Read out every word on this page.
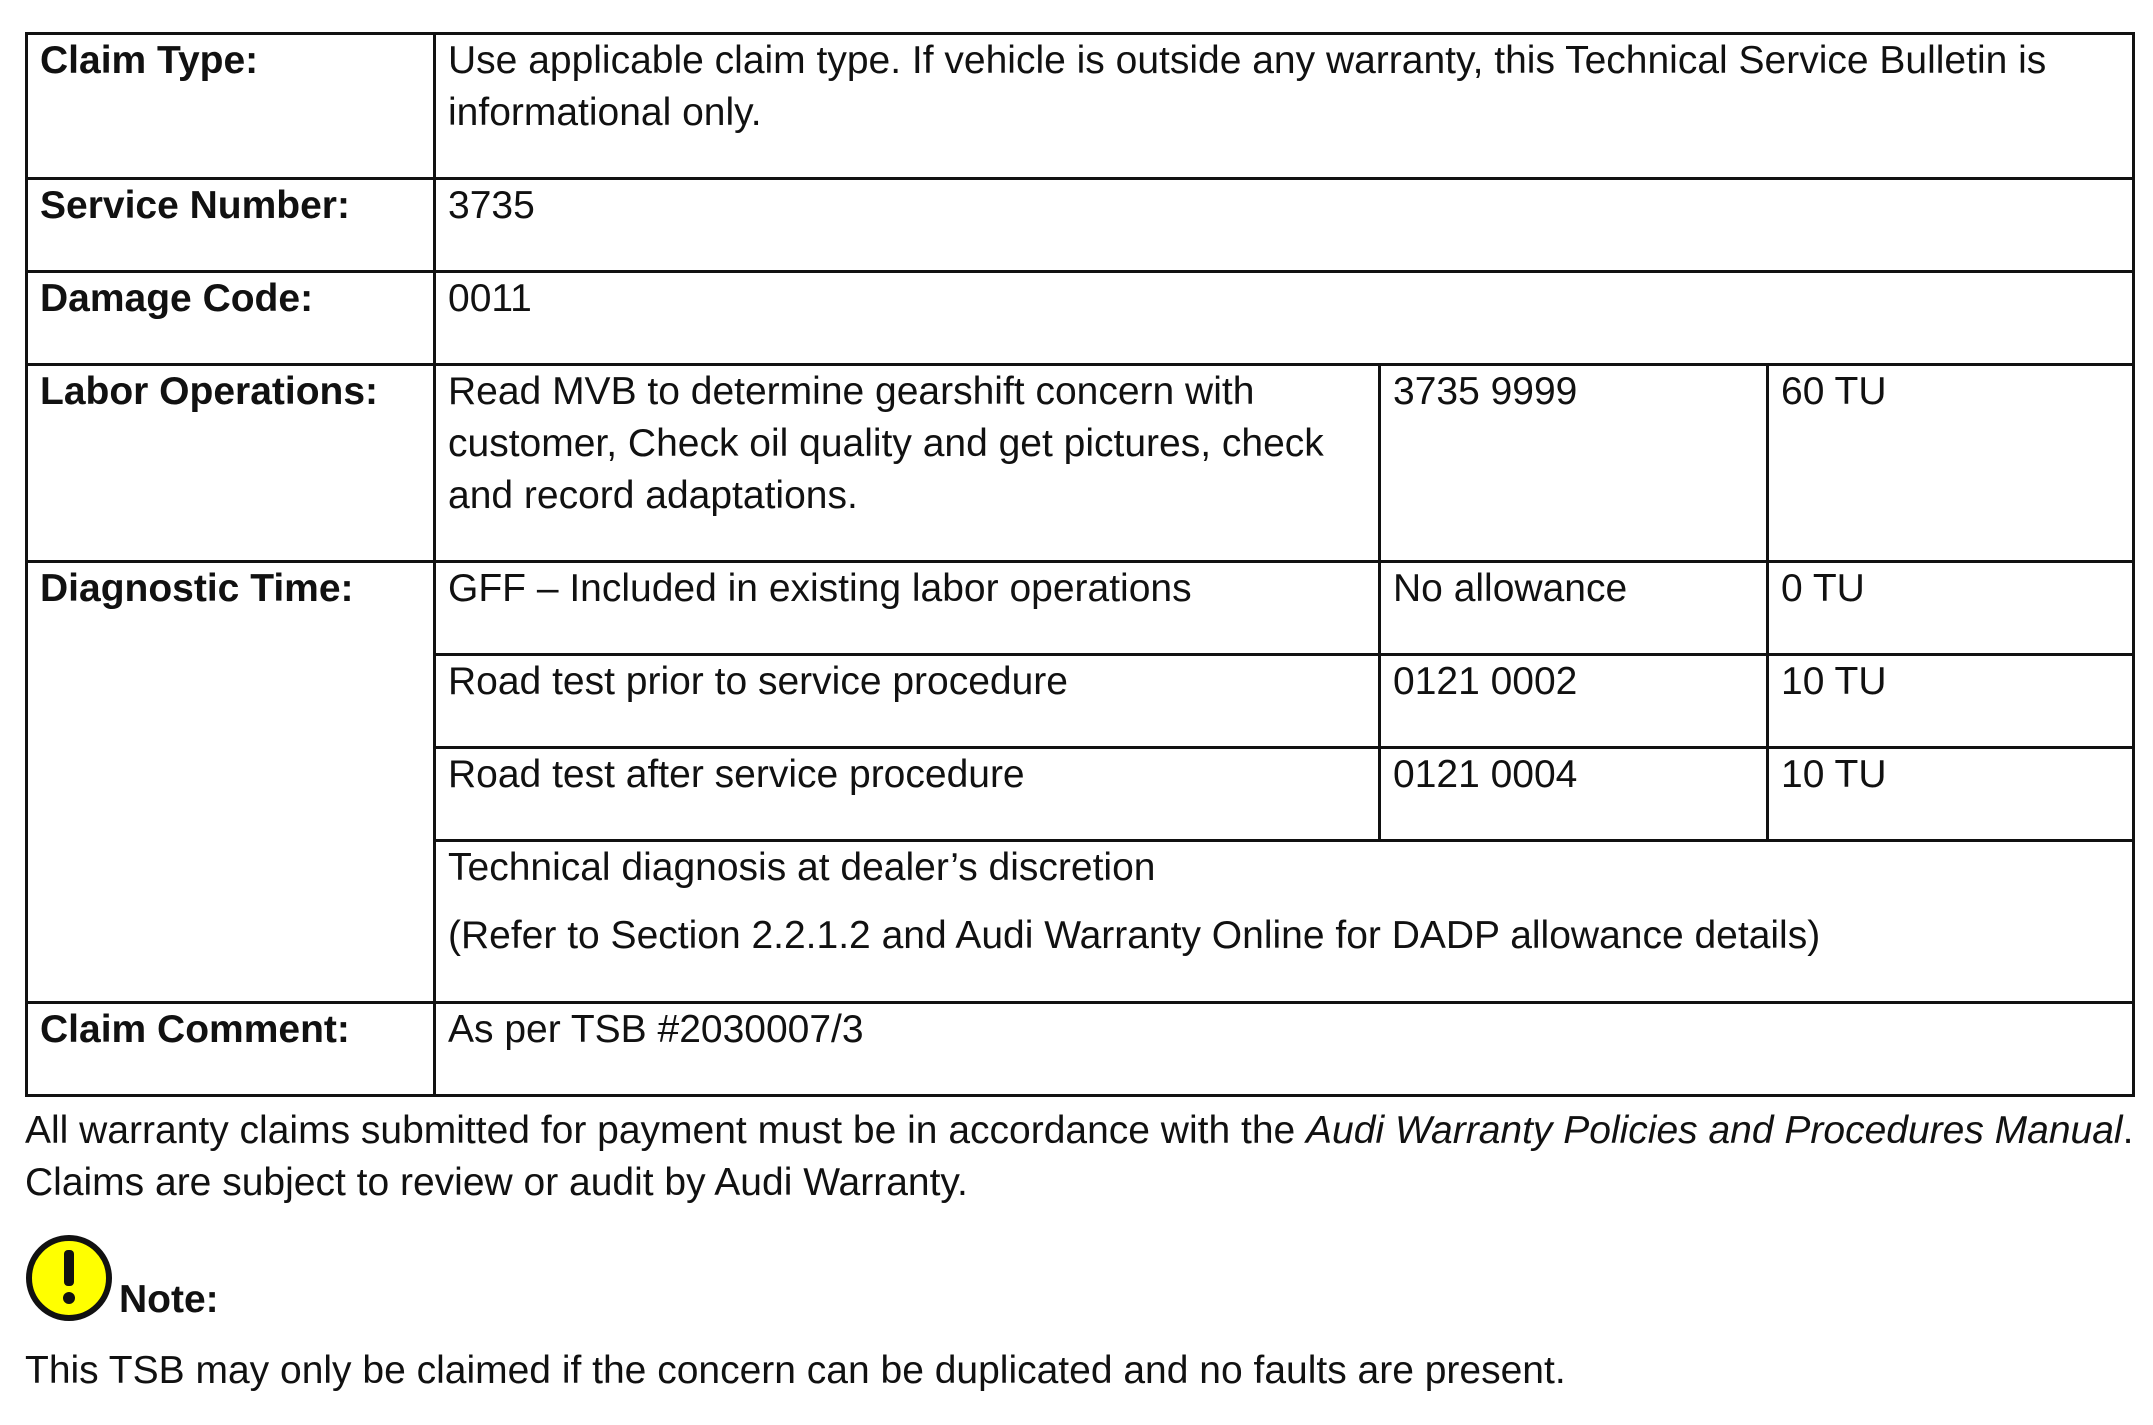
Claim Type:	Use applicable claim type. If vehicle is outside any warranty, this Technical Service Bulletin is informational only.		
Service Number:	3735		
Damage Code:	0011		
Labor Operations:	Read MVB to determine gearshift concern with customer, Check oil quality and get pictures, check and record adaptations.	3735 9999	60 TU
Diagnostic Time:	GFF – Included in existing labor operations	No allowance	0 TU
	Road test prior to service procedure	0121 0002	10 TU
	Road test after service procedure	0121 0004	10 TU

	Technical diagnosis at dealer’s discretion
(Refer to Section 2.2.1.2 and Audi Warranty Online for DADP allowance details)		

Claim Comment:	As per TSB #2030007/3		

All warranty claims submitted for payment must be in accordance with the Audi Warranty Policies and Procedures Manual. Claims are subject to review or audit by Audi Warranty.

Note:

This TSB may only be claimed if the concern can be duplicated and no faults are present.
